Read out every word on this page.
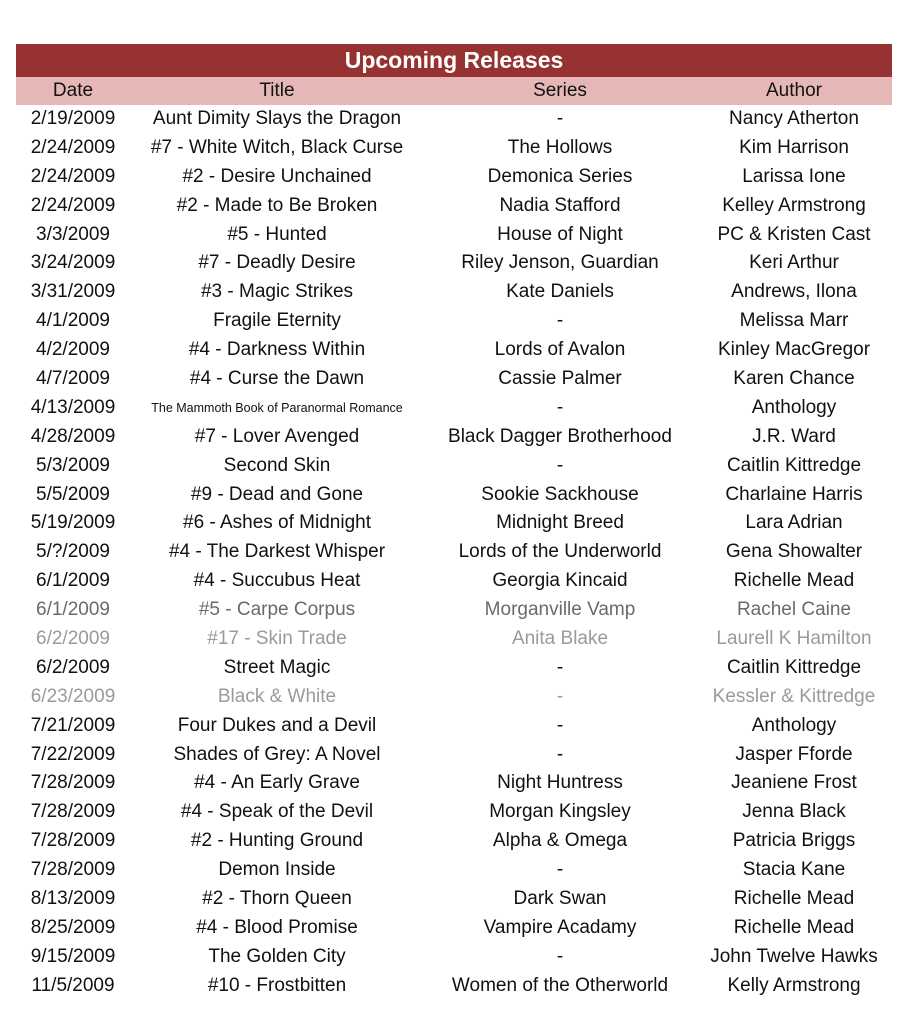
Upcoming Releases
Date	Title	Series	Author
2/19/2009	Aunt Dimity Slays the Dragon	-	Nancy Atherton
2/24/2009	#7 - White Witch, Black Curse	The Hollows	Kim Harrison
2/24/2009	#2 - Desire Unchained	Demonica Series	Larissa Ione
2/24/2009	#2 - Made to Be Broken	Nadia Stafford	Kelley Armstrong
3/3/2009	#5 - Hunted	House of Night	PC & Kristen Cast
3/24/2009	#7 - Deadly Desire	Riley Jenson, Guardian	Keri Arthur
3/31/2009	#3 - Magic Strikes	Kate Daniels	Andrews, Ilona
4/1/2009	Fragile Eternity	-	Melissa Marr
4/2/2009	#4 - Darkness Within	Lords of Avalon	Kinley MacGregor
4/7/2009	#4 - Curse the Dawn	Cassie Palmer	Karen Chance
4/13/2009	The Mammoth Book of Paranormal Romance	-	Anthology
4/28/2009	#7 - Lover Avenged	Black Dagger Brotherhood	J.R. Ward
5/3/2009	Second Skin	-	Caitlin Kittredge
5/5/2009	#9 - Dead and Gone	Sookie Sackhouse	Charlaine Harris
5/19/2009	#6 - Ashes of Midnight	Midnight Breed	Lara Adrian
5/?/2009	#4 - The Darkest Whisper	Lords of the Underworld	Gena Showalter
6/1/2009	#4 - Succubus Heat	Georgia Kincaid	Richelle Mead
6/1/2009	#5 - Carpe Corpus	Morganville Vamp	Rachel Caine
6/2/2009	#17 - Skin Trade	Anita Blake	Laurell K Hamilton
6/2/2009	Street Magic	-	Caitlin Kittredge
6/23/2009	Black & White	-	Kessler & Kittredge
7/21/2009	Four Dukes and a Devil	-	Anthology
7/22/2009	Shades of Grey: A Novel	-	Jasper Fforde
7/28/2009	#4 - An Early Grave	Night Huntress	Jeaniene Frost
7/28/2009	#4 - Speak of the Devil	Morgan Kingsley	Jenna Black
7/28/2009	#2 - Hunting Ground	Alpha & Omega	Patricia Briggs
7/28/2009	Demon Inside	-	Stacia Kane
8/13/2009	#2 - Thorn Queen	Dark Swan	Richelle Mead
8/25/2009	#4 - Blood Promise	Vampire Acadamy	Richelle Mead
9/15/2009	The Golden City	-	John Twelve Hawks
11/5/2009	#10 - Frostbitten	Women of the Otherworld	Kelly Armstrong
